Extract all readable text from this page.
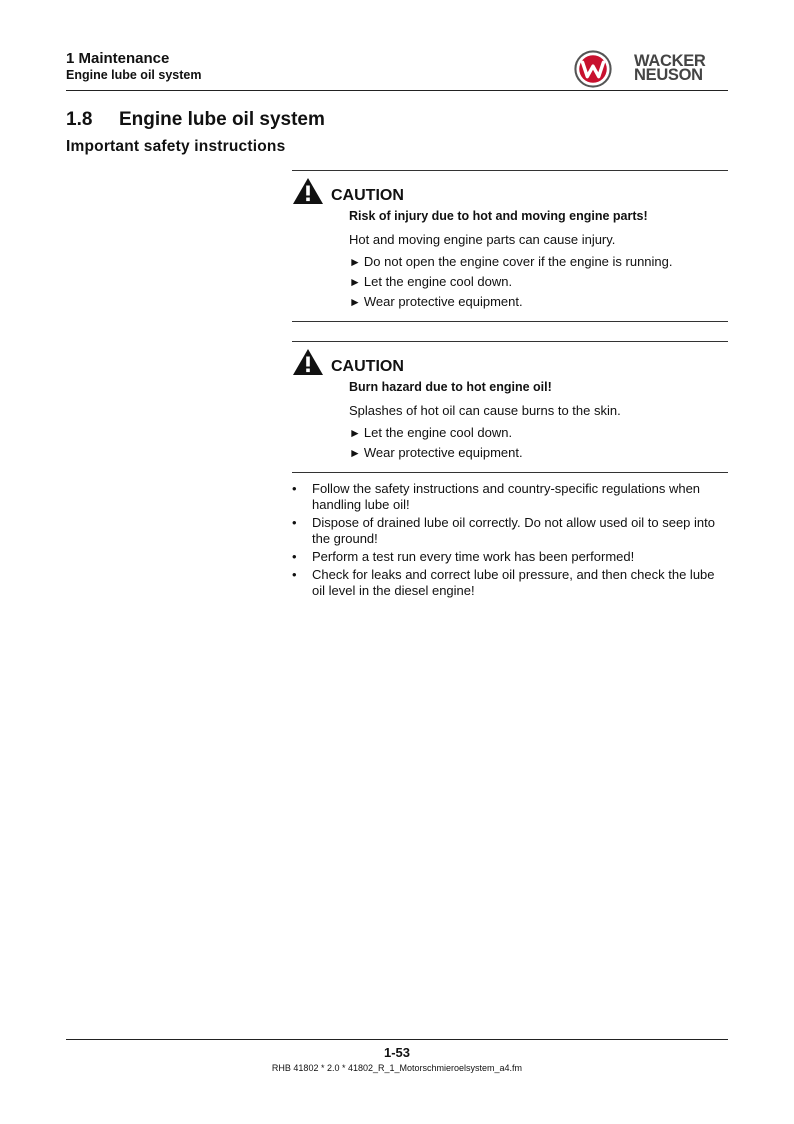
1 Maintenance
Engine lube oil system
WACKER
NEUSON
1.8 Engine lube oil system
Important safety instructions
CAUTION
Risk of injury due to hot and moving engine parts!
Hot and moving engine parts can cause injury.
► Do not open the engine cover if the engine is running.
► Let the engine cool down.
► Wear protective equipment.
CAUTION
Burn hazard due to hot engine oil!
Splashes of hot oil can cause burns to the skin.
► Let the engine cool down.
► Wear protective equipment.
• Follow the safety instructions and country-specific regulations when handling lube oil!
• Dispose of drained lube oil correctly. Do not allow used oil to seep into the ground!
• Perform a test run every time work has been performed!
• Check for leaks and correct lube oil pressure, and then check the lube oil level in the diesel engine!
1-53
RHB 41802 * 2.0 * 41802_R_1_Motorschmieroelsystem_a4.fm
